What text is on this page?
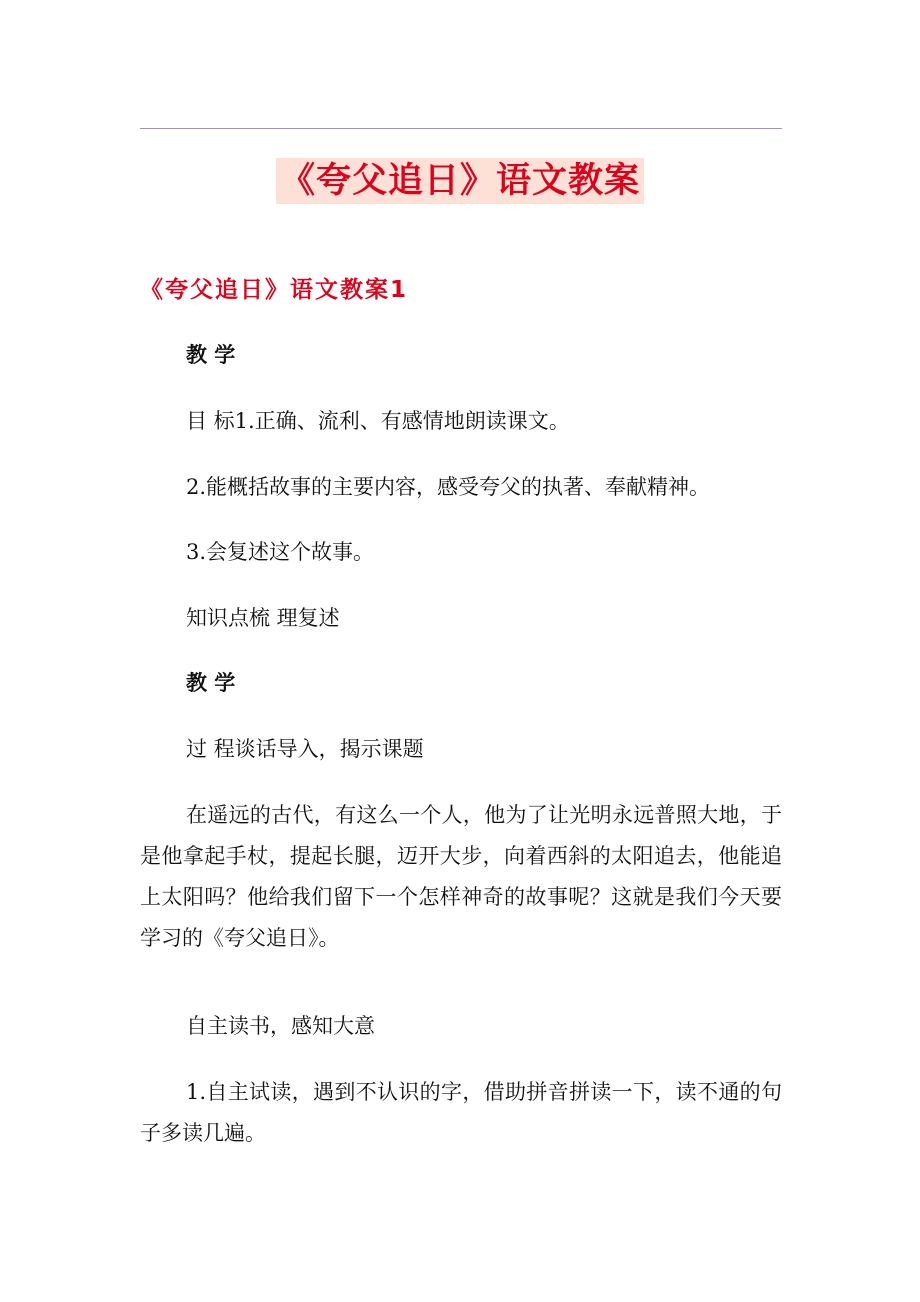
《夸父追日》语文教案
《夸父追日》语文教案1
教 学
目 标1.正确、流利、有感情地朗读课文。
2.能概括故事的主要内容，感受夸父的执著、奉献精神。
3.会复述这个故事。
知识点梳 理复述
教 学
过 程谈话导入，揭示课题
在遥远的古代，有这么一个人，他为了让光明永远普照大地，于是他拿起手杖，提起长腿，迈开大步，向着西斜的太阳追去，他能追上太阳吗？他给我们留下一个怎样神奇的故事呢？这就是我们今天要学习的《夸父追日》。
自主读书，感知大意
1.自主试读，遇到不认识的字，借助拼音拼读一下，读不通的句子多读几遍。
